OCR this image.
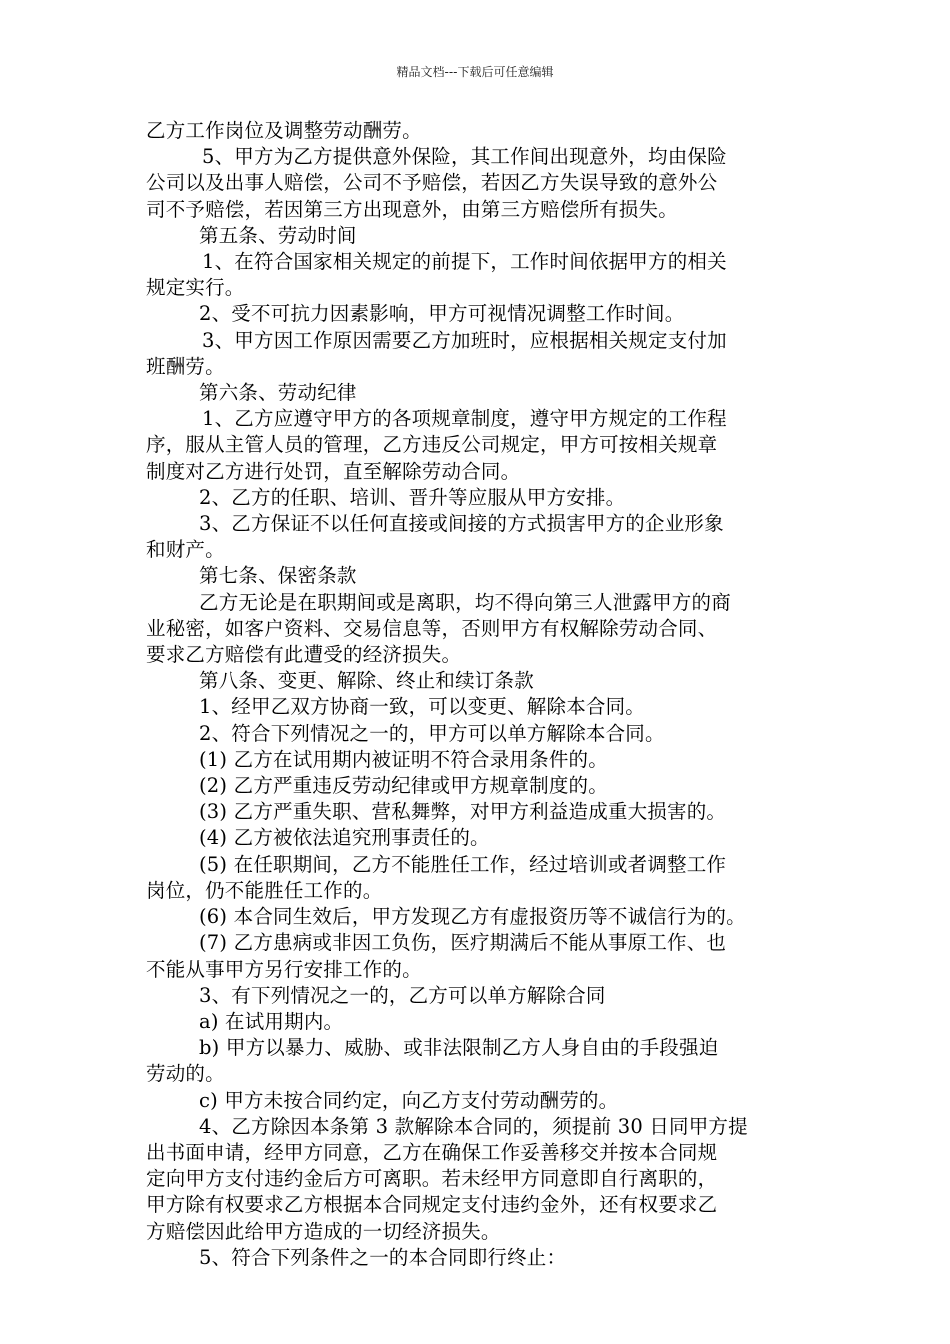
精品文档---下载后可任意编辑

乙方工作岗位及调整劳动酬劳。

5、甲方为乙方提供意外保险，其工作间出现意外，均由保险

公司以及出事人赔偿，公司不予赔偿，若因乙方失误导致的意外公

司不予赔偿，若因第三方出现意外，由第三方赔偿所有损失。

第五条、劳动时间

1、在符合国家相关规定的前提下，工作时间依据甲方的相关

规定实行。

2、受不可抗力因素影响，甲方可视情况调整工作时间。

3、甲方因工作原因需要乙方加班时，应根据相关规定支付加

班酬劳。

第六条、劳动纪律

1、乙方应遵守甲方的各项规章制度，遵守甲方规定的工作程

序，服从主管人员的管理，乙方违反公司规定，甲方可按相关规章

制度对乙方进行处罚，直至解除劳动合同。

2、乙方的任职、培训、晋升等应服从甲方安排。

3、乙方保证不以任何直接或间接的方式损害甲方的企业形象

和财产。

第七条、保密条款

乙方无论是在职期间或是离职，均不得向第三人泄露甲方的商

业秘密，如客户资料、交易信息等，否则甲方有权解除劳动合同、

要求乙方赔偿有此遭受的经济损失。

第八条、变更、解除、终止和续订条款

1、经甲乙双方协商一致，可以变更、解除本合同。

2、符合下列情况之一的，甲方可以单方解除本合同。

(1) 乙方在试用期内被证明不符合录用条件的。

(2) 乙方严重违反劳动纪律或甲方规章制度的。

(3) 乙方严重失职、营私舞弊，对甲方利益造成重大损害的。

(4) 乙方被依法追究刑事责任的。

(5) 在任职期间，乙方不能胜任工作，经过培训或者调整工作

岗位，仍不能胜任工作的。

(6) 本合同生效后，甲方发现乙方有虚报资历等不诚信行为的。

(7) 乙方患病或非因工负伤，医疗期满后不能从事原工作、也

不能从事甲方另行安排工作的。

3、有下列情况之一的，乙方可以单方解除合同

a) 在试用期内。

b) 甲方以暴力、威胁、或非法限制乙方人身自由的手段强迫

劳动的。

c) 甲方未按合同约定，向乙方支付劳动酬劳的。

4、乙方除因本条第 3 款解除本合同的，须提前 30 日同甲方提

出书面申请，经甲方同意，乙方在确保工作妥善移交并按本合同规

定向甲方支付违约金后方可离职。若未经甲方同意即自行离职的，

甲方除有权要求乙方根据本合同规定支付违约金外，还有权要求乙

方赔偿因此给甲方造成的一切经济损失。

5、符合下列条件之一的本合同即行终止：
